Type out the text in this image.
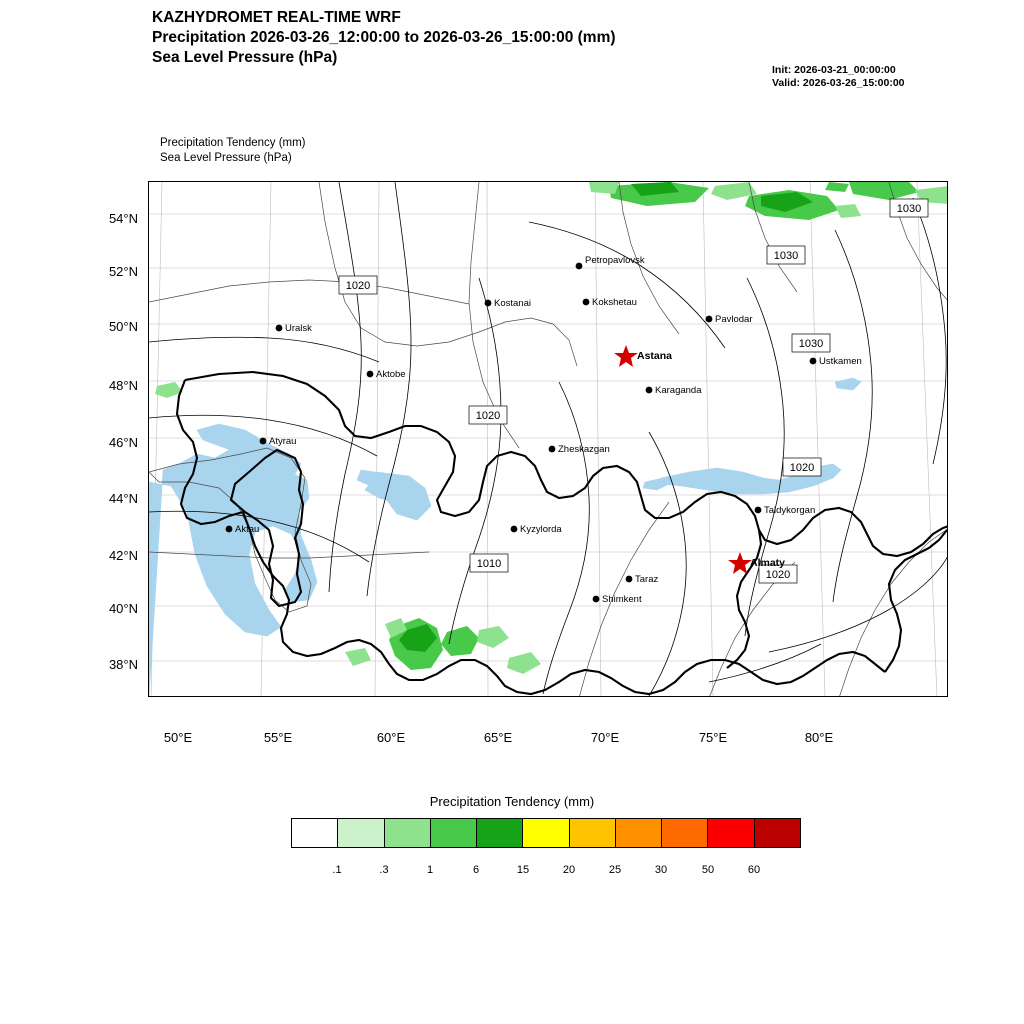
KAZHYDROMET REAL-TIME WRF
Precipitation 2026-03-26_12:00:00 to 2026-03-26_15:00:00 (mm)
Sea Level Pressure (hPa)
Init: 2026-03-21_00:00:00
Valid: 2026-03-26_15:00:00
Precipitation Tendency (mm)
Sea Level Pressure (hPa)
54°N
52°N
50°N
48°N
46°N
44°N
42°N
40°N
38°N
50°E	55°E	60°E	65°E	70°E	75°E	80°E
1030
1030
1020
1030
1020
1020
1010
1020
Petropavlovsk
Kostanai	Kokshetau
Pavlodar
Uralsk
Astana	Ustkamen
Aktobe
Karaganda
Atyrau
Zheskazgan
Taldykorgan
Aktau	Kyzylorda
Almaty
Taraz
Shimkent
Precipitation Tendency (mm)
.1	.3	1	6	15	20	25	30	50	60
